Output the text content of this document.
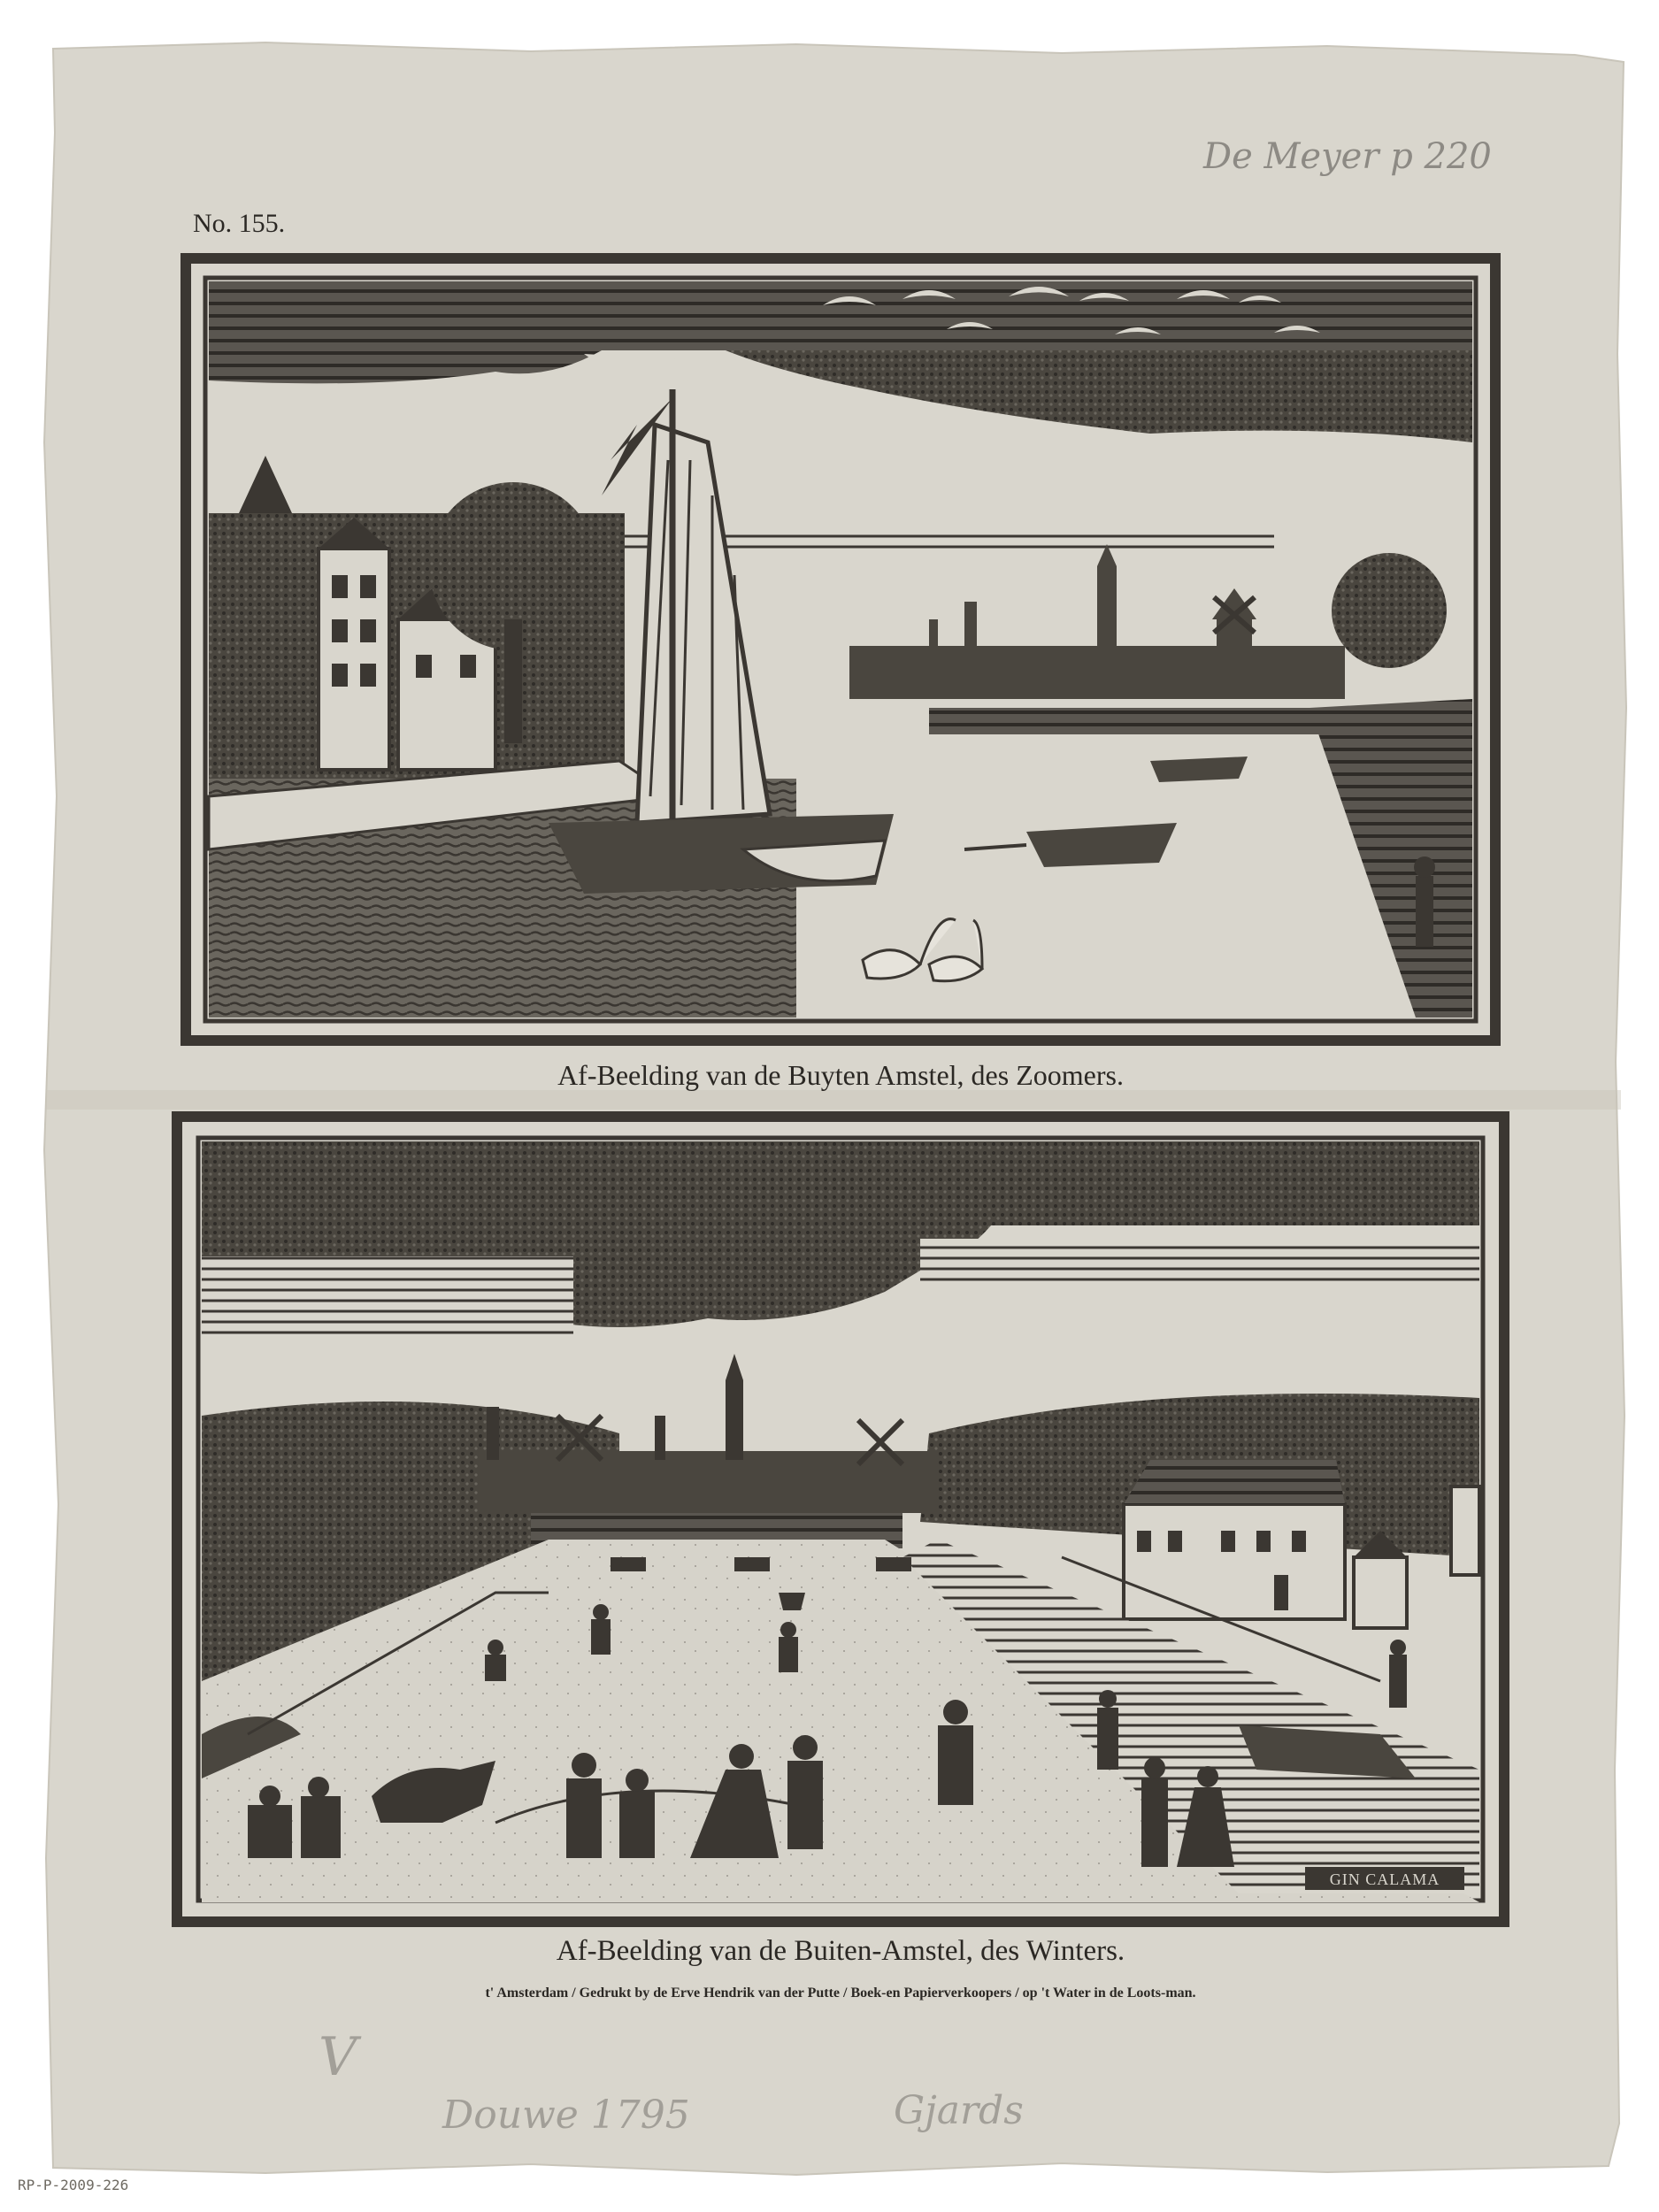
Af-Beelding van de Buyten Amstel, des Zoomers.
GIN CALAMA
Af-Beelding van de Buiten-Amstel, des Winters.
t' Amsterdam / Gedrukt by de Erve Hendrik van der Putte / Boek-en Papierverkoopers / op 't Water in de Loots-man.
No. 155.
De Meyer p 220
V
Douwe 1795	Gjards
RP-P-2009-226
